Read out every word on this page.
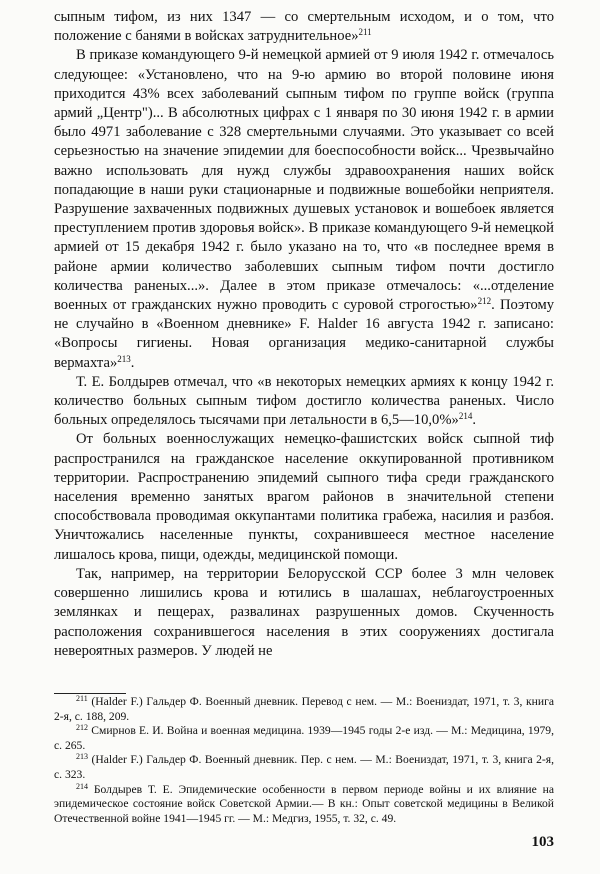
сыпным тифом, из них 1347 — со смертельным исходом, и о том, что положение с банями в войсках затруднительное»$^{211}$

В приказе командующего 9-й немецкой армией от 9 июля 1942 г. отмечалось следующее: «Установлено, что на 9-ю армию во второй половине июня приходится 43% всех заболеваний сыпным тифом по группе войск (группа армий „Центр")... В абсолютных цифрах с 1 января по 30 июня 1942 г. в армии было 4971 заболевание с 328 смертельными случаями. Это указывает со всей серьезностью на значение эпидемии для боеспособности войск... Чрезвычайно важно использовать для нужд службы здравоохранения наших войск попадающие в наши руки стационарные и подвижные вошебойки неприятеля. Разрушение захваченных подвижных душевых установок и вошебоек является преступлением против здоровья войск». В приказе командующего 9-й немецкой армией от 15 декабря 1942 г. было указано на то, что «в последнее время в районе армии количество заболевших сыпным тифом почти достигло количества раненых...». Далее в этом приказе отмечалось: «...отделение военных от гражданских нужно проводить с суровой строгостью»$^{212}$. Поэтому не случайно в «Военном дневнике» F. Halder 16 августа 1942 г. записано: «Вопросы гигиены. Новая организация медико-санитарной службы вермахта»$^{213}$.

Т. Е. Болдырев отмечал, что «в некоторых немецких армиях к концу 1942 г. количество больных сыпным тифом достигло количества раненых. Число больных определялось тысячами при летальности в 6,5—10,0%»$^{214}$.

От больных военнослужащих немецко-фашистских войск сыпной тиф распространился на гражданское население оккупированной противником территории. Распространению эпидемий сыпного тифа среди гражданского населения временно занятых врагом районов в значительной степени способствовала проводимая оккупантами политика грабежа, насилия и разбоя. Уничтожались населенные пункты, сохранившееся местное население лишалось крова, пищи, одежды, медицинской помощи.

Так, например, на территории Белорусской ССР более 3 млн человек совершенно лишились крова и ютились в шалашах, неблагоустроенных землянках и пещерах, развалинах разрушенных домов. Скученность расположения сохранившегося населения в этих сооружениях достигала невероятных размеров. У людей не

$^{211}$ (Halder F.) Гальдер Ф. Военный дневник. Перевод с нем. — М.: Воениздат, 1971, т. 3, книга 2-я, с. 188, 209.

$^{212}$ Смирнов Е. И. Война и военная медицина. 1939—1945 годы 2-е изд. — М.: Медицина, 1979, с. 265.

$^{213}$ (Halder F.) Гальдер Ф. Военный дневник. Пер. с нем. — М.: Воениздат, 1971, т. 3, книга 2-я, с. 323.

$^{214}$ Болдырев Т. Е. Эпидемические особенности в первом периоде войны и их влияние на эпидемическое состояние войск Советской Армии.— В кн.: Опыт советской медицины в Великой Отечественной войне 1941—1945 гг. — М.: Медгиз, 1955, т. 32, с. 49.

103
